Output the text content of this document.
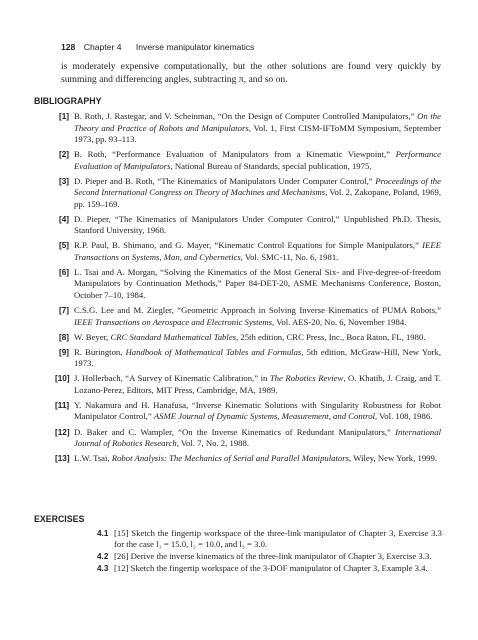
128 Chapter 4 Inverse manipulator kinematics
is moderately expensive computationally, but the other solutions are found very quickly by summing and differencing angles, subtracting π, and so on.
BIBLIOGRAPHY
[1] B. Roth, J. Rastegar, and V. Scheinman, “On the Design of Computer Controlled Manipulators,” On the Theory and Practice of Robots and Manipulators, Vol. 1, First CISM-IFToMM Symposium, September 1973, pp. 93–113.
[2] B. Roth, “Performance Evaluation of Manipulators from a Kinematic Viewpoint,” Performance Evaluation of Manipulators, National Bureau of Standards, special publication, 1975.
[3] D. Pieper and B. Roth, “The Kinematics of Manipulators Under Computer Control,” Proceedings of the Second International Congress on Theory of Machines and Mechanisms, Vol. 2, Zakopane, Poland, 1969, pp. 159–169.
[4] D. Pieper, “The Kinematics of Manipulators Under Computer Control,” Unpublished Ph.D. Thesis, Stanford University, 1968.
[5] R.P. Paul, B. Shimano, and G. Mayer, “Kinematic Control Equations for Simple Manipulators,” IEEE Transactions on Systems, Man, and Cybernetics, Vol. SMC-11, No. 6, 1981.
[6] L. Tsai and A. Morgan, “Solving the Kinematics of the Most General Six- and Five-degree-of-freedom Manipulators by Continuation Methods,” Paper 84-DET-20, ASME Mechanisms Conference, Boston, October 7–10, 1984.
[7] C.S.G. Lee and M. Ziegler, “Geometric Approach in Solving Inverse Kinematics of PUMA Robots,” IEEE Transactions on Aerospace and Electronic Systems, Vol. AES-20, No. 6, November 1984.
[8] W. Beyer, CRC Standard Mathematical Tables, 25th edition, CRC Press, Inc., Boca Raton, FL, 1980.
[9] R. Burington, Handbook of Mathematical Tables and Formulas, 5th edition, McGraw-Hill, New York, 1973.
[10] J. Hollerbach, “A Survey of Kinematic Calibration,” in The Robotics Review, O. Khatib, J. Craig, and T. Lozano-Perez, Editors, MIT Press, Cambridge, MA, 1989.
[11] Y. Nakamura and H. Hanafusa, “Inverse Kinematic Solutions with Singularity Robustness for Robot Manipulator Control,” ASME Journal of Dynamic Systems, Measurement, and Control, Vol. 108, 1986.
[12] D. Baker and C. Wampler, “On the Inverse Kinematics of Redundant Manipulators,” International Journal of Robotics Research, Vol. 7, No. 2, 1988.
[13] L.W. Tsai, Robot Analysis: The Mechanics of Serial and Parallel Manipulators, Wiley, New York, 1999.
EXERCISES
4.1 [15] Sketch the fingertip workspace of the three-link manipulator of Chapter 3, Exercise 3.3 for the case l₁ = 15.0, l₂ = 10.0, and l₃ = 3.0.
4.2 [26] Derive the inverse kinematics of the three-link manipulator of Chapter 3, Exercise 3.3.
4.3 [12] Sketch the fingertip workspace of the 3-DOF manipulator of Chapter 3, Example 3.4.
